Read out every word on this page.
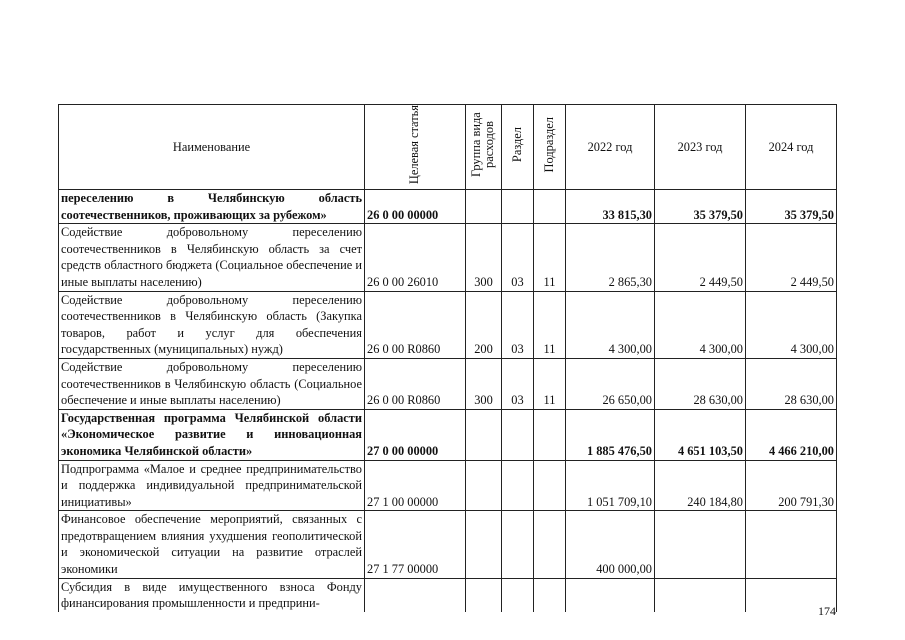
Наименование	Целевая статья	Группа вида расходов	Раздел	Подраздел	2022 год	2023 год	2024 год
переселению в Челябинскую область соотечественников, проживающих за рубежом»	26 0 00 00000				33 815,30	35 379,50	35 379,50
Содействие добровольному переселению соотечественников в Челябинскую область за счет средств областного бюджета (Социальное обеспечение и иные выплаты населению)	26 0 00 26010	300	03	11	2 865,30	2 449,50	2 449,50
Содействие добровольному переселению соотечественников в Челябинскую область (Закупка товаров, работ и услуг для обеспечения государственных (муниципальных) нужд)	26 0 00 R0860	200	03	11	4 300,00	4 300,00	4 300,00
Содействие добровольному переселению соотечественников в Челябинскую область (Социальное обеспечение и иные выплаты населению)	26 0 00 R0860	300	03	11	26 650,00	28 630,00	28 630,00
Государственная программа Челябинской области «Экономическое развитие и инновационная экономика Челябинской области»	27 0 00 00000				1 885 476,50	4 651 103,50	4 466 210,00
Подпрограмма «Малое и среднее предпринимательство и поддержка индивидуальной предпринимательской инициативы»	27 1 00 00000				1 051 709,10	240 184,80	200 791,30
Финансовое обеспечение мероприятий, связанных с предотвращением влияния ухудшения геополитической и экономической ситуации на развитие отраслей экономики	27 1 77 00000				400 000,00		
Субсидия в виде имущественного взноса Фонду финансирования промышленности и предприни-							
174
